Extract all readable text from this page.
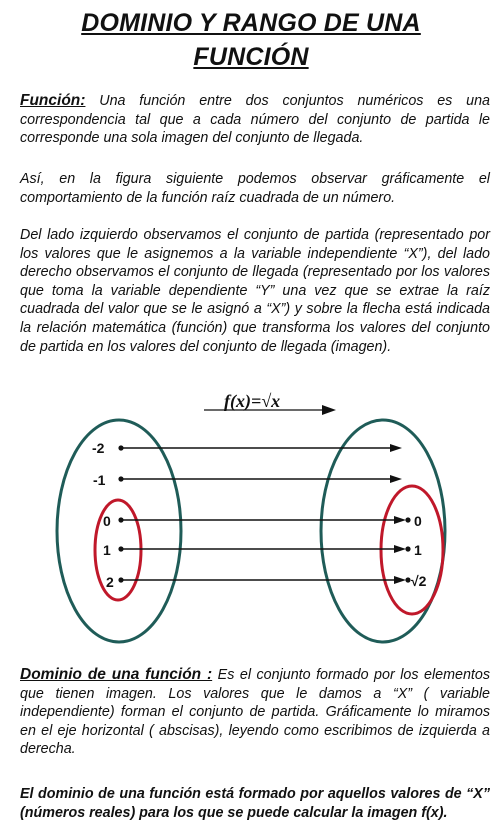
DOMINIO Y RANGO DE UNA
FUNCIÓN
Función: Una función entre dos conjuntos numéricos es una correspondencia tal que a cada número del conjunto de partida le corresponde una sola imagen del conjunto de llegada.
Así, en la figura siguiente podemos observar gráficamente el comportamiento de la función raíz cuadrada de un número.
Del lado izquierdo observamos el conjunto de partida (representado por los valores que le asignemos a la variable independiente “X”), del lado derecho observamos el conjunto de llegada (representado por los valores que toma la variable dependiente “Y” una vez que se extrae la raíz cuadrada del valor que se le asignó a “X”) y sobre la flecha está indicada la relación matemática (función) que transforma los valores del conjunto de partida en los valores del conjunto de llegada (imagen).
f(x)=√x
-2
-1
0
1
2
0
1
√2
Dominio de una función : Es el conjunto formado por los elementos que tienen imagen. Los valores que le damos a “X” ( variable independiente) forman el conjunto de partida. Gráficamente lo miramos en el eje horizontal ( abscisas), leyendo como escribimos de izquierda a derecha.
El dominio de una función está formado por aquellos valores de “X” (números reales) para los que se puede calcular la imagen f(x).
